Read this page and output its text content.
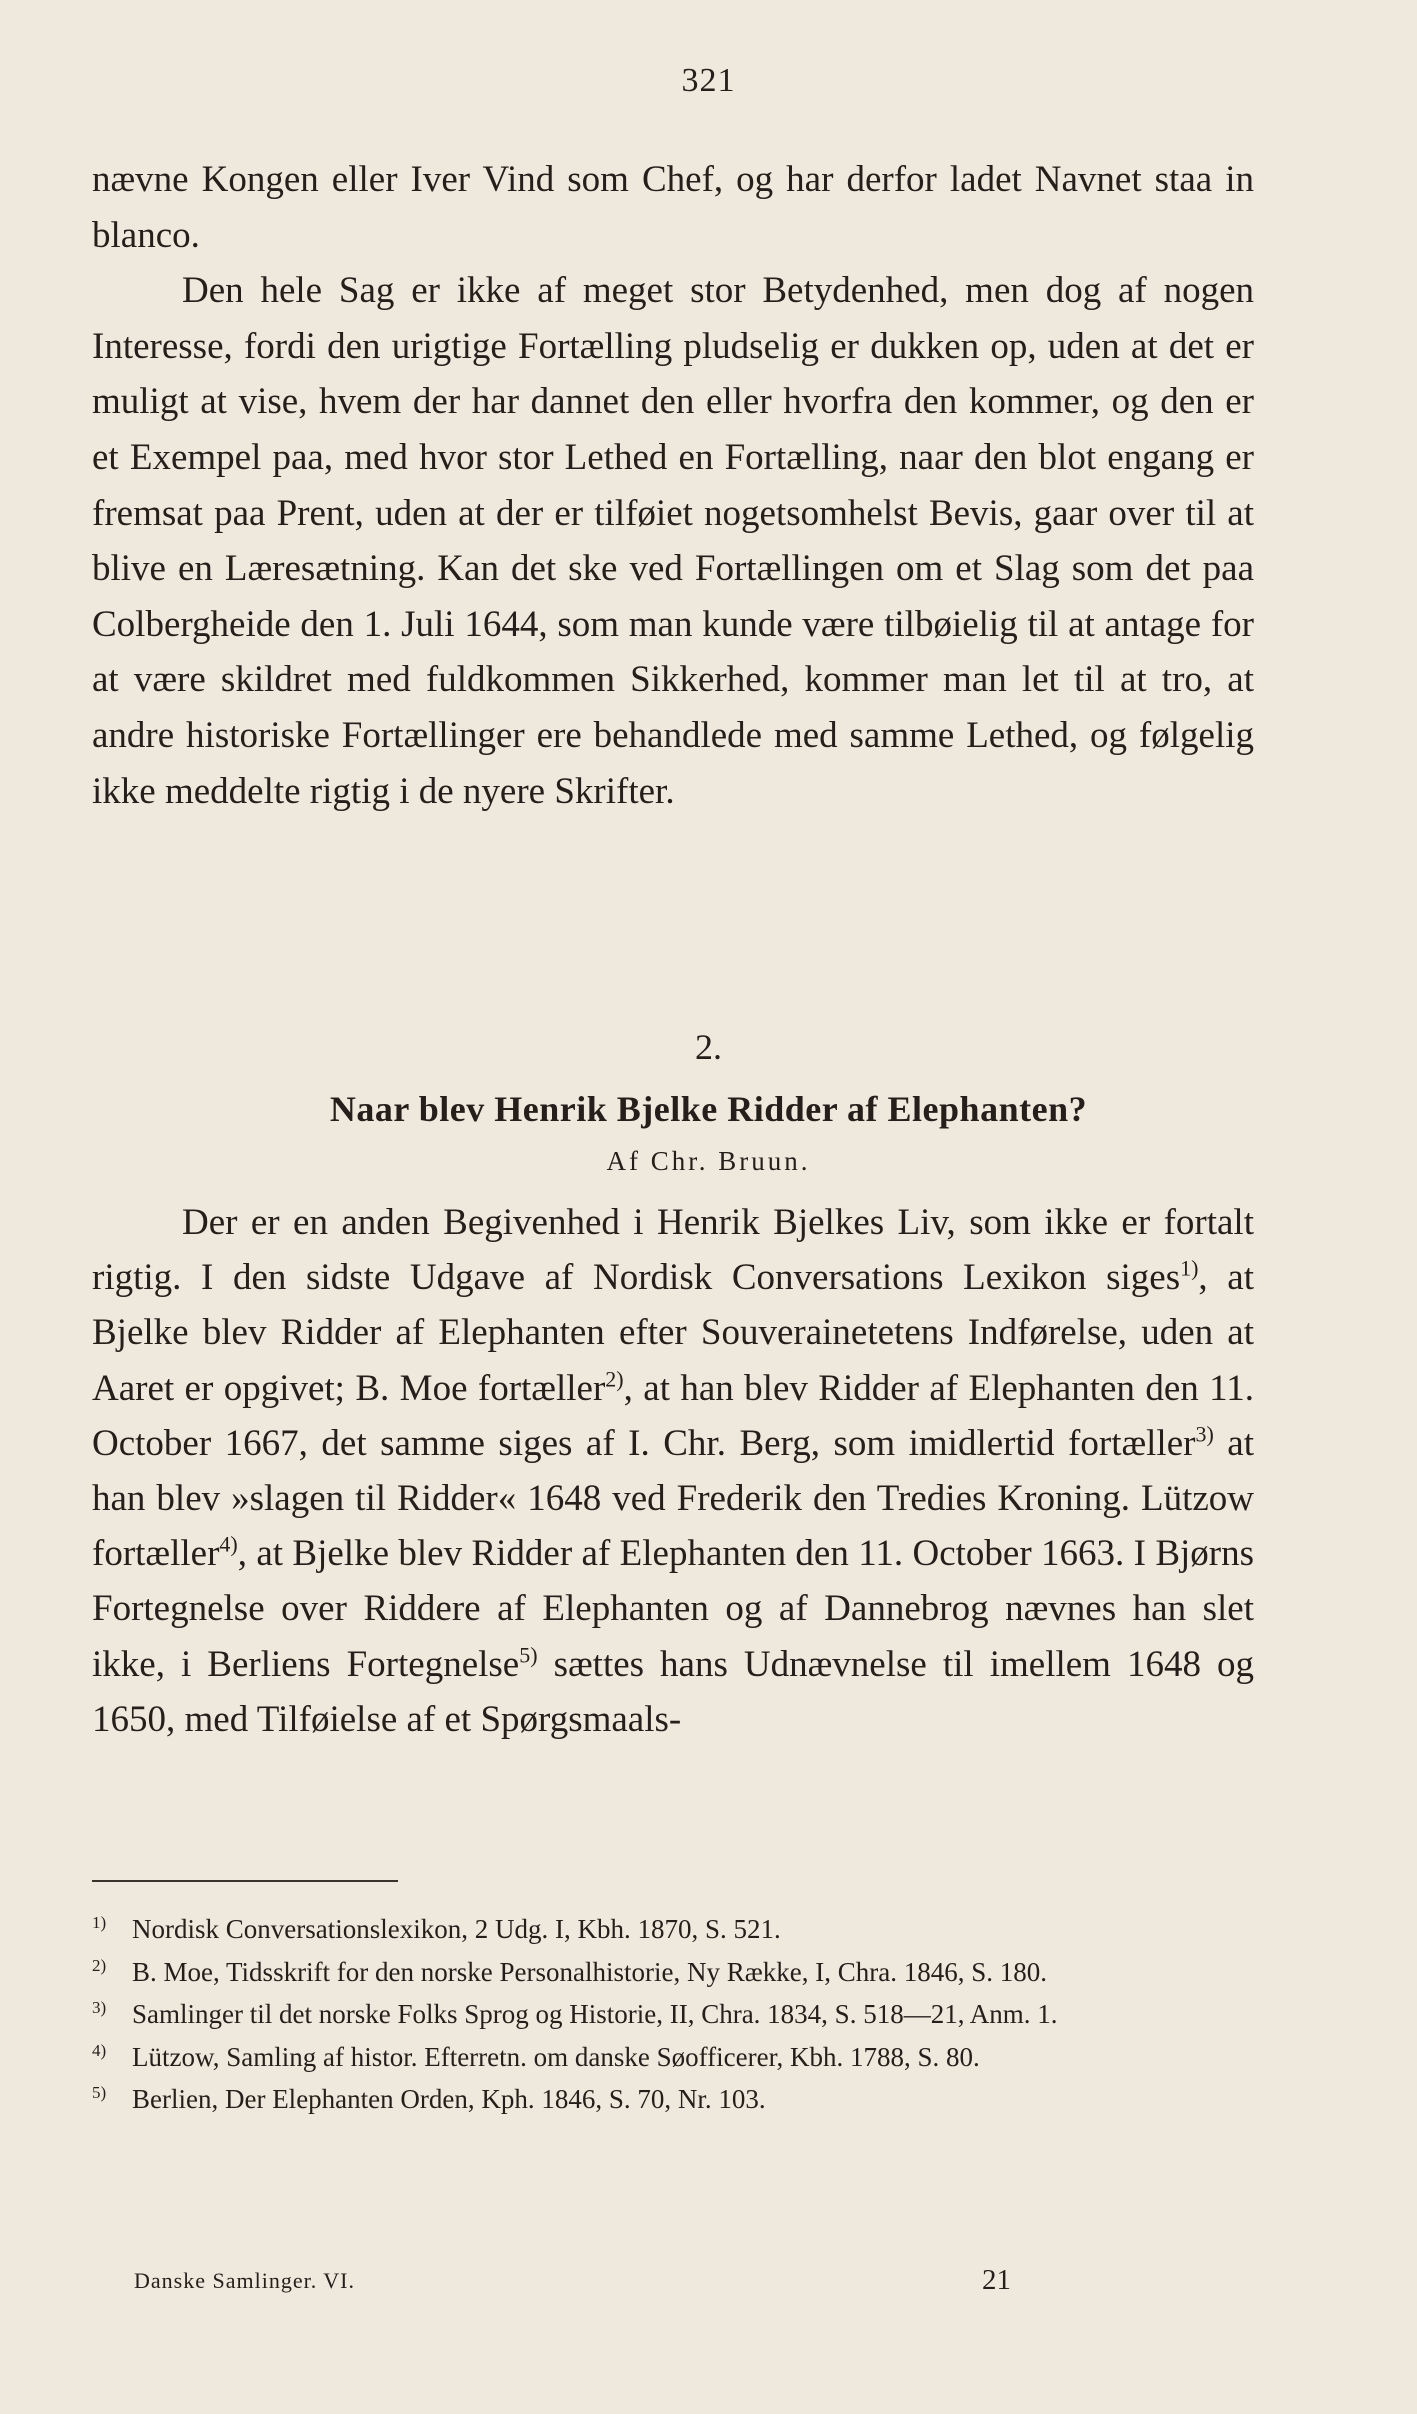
321

nævne Kongen eller Iver Vind som Chef, og har derfor ladet Navnet staa in blanco.

Den hele Sag er ikke af meget stor Betydenhed, men dog af nogen Interesse, fordi den urigtige Fortælling pludselig er dukken op, uden at det er muligt at vise, hvem der har dannet den eller hvorfra den kommer, og den er et Exempel paa, med hvor stor Lethed en Fortælling, naar den blot engang er fremsat paa Prent, uden at der er tilføiet nogetsomhelst Bevis, gaar over til at blive en Læresætning. Kan det ske ved Fortællingen om et Slag som det paa Colbergheide den 1. Juli 1644, som man kunde være tilbøielig til at antage for at være skildret med fuldkommen Sikkerhed, kommer man let til at tro, at andre historiske Fortællinger ere behandlede med samme Lethed, og følgelig ikke meddelte rigtig i de nyere Skrifter.

2.
Naar blev Henrik Bjelke Ridder af Elephanten?
Af Chr. Bruun.

Der er en anden Begivenhed i Henrik Bjelkes Liv, som ikke er fortalt rigtig. I den sidste Udgave af Nordisk Conversations Lexikon siges$^{1)}$, at Bjelke blev Ridder af Elephanten efter Souverainetetens Indførelse, uden at Aaret er opgivet; B. Moe fortæller$^{2)}$, at han blev Ridder af Elephanten den 11. October 1667, det samme siges af I. Chr. Berg, som imidlertid fortæller$^{3)}$ at han blev »slagen til Ridder« 1648 ved Frederik den Tredies Kroning. Lützow fortæller$^{4)}$, at Bjelke blev Ridder af Elephanten den 11. October 1663. I Bjørns Fortegnelse over Riddere af Elephanten og af Dannebrog nævnes han slet ikke, i Berliens Fortegnelse$^{5)}$ sættes hans Udnævnelse til imellem 1648 og 1650, med Tilføielse af et Spørgsmaals-

$^{1)}$ Nordisk Conversationslexikon, 2 Udg. I, Kbh. 1870, S. 521.
$^{2)}$ B. Moe, Tidsskrift for den norske Personalhistorie, Ny Række, I, Chra. 1846, S. 180.
$^{3)}$ Samlinger til det norske Folks Sprog og Historie, II, Chra. 1834, S. 518—21, Anm. 1.
$^{4)}$ Lützow, Samling af histor. Efterretn. om danske Søofficerer, Kbh. 1788, S. 80.
$^{5)}$ Berlien, Der Elephanten Orden, Kph. 1846, S. 70, Nr. 103.
Danske Samlinger. VI.	21
